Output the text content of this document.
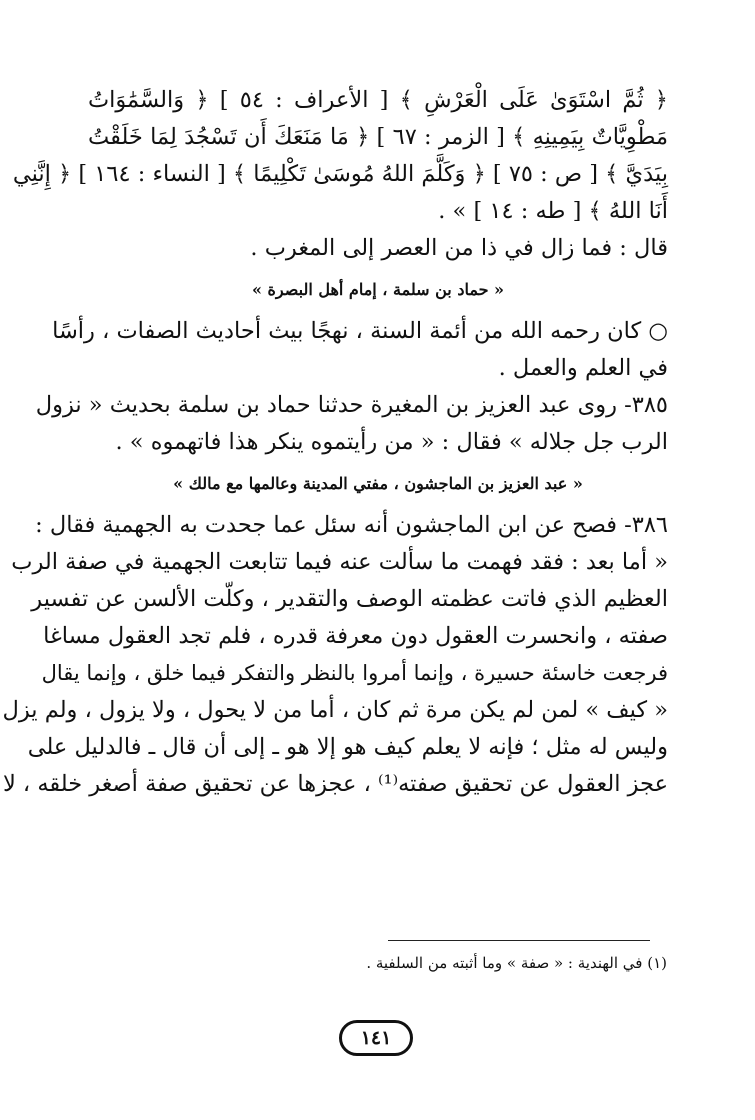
﴿ ثُمَّ اسْتَوَىٰ عَلَى الْعَرْشِ ﴾ [ الأعراف : ٥٤ ] ﴿ وَالسَّمَٰوَاتُ
مَطْوِيَّاتٌ بِيَمِينِهِ ﴾ [ الزمر : ٦٧ ] ﴿ مَا مَنَعَكَ أَن تَسْجُدَ لِمَا خَلَقْتُ
بِيَدَيَّ ﴾ [ ص : ٧٥ ] ﴿ وَكَلَّمَ اللهُ مُوسَىٰ تَكْلِيمًا ﴾ [ النساء : ١٦٤ ] ﴿ إِنَّنِي
أَنَا اللهُ ﴾ [ طه : ١٤ ] » .
قال : فما زال في ذا من العصر إلى المغرب .
« حماد بن سلمة ، إمام أهل البصرة »
○ كان رحمه الله من أئمة السنة ، نهجًا بيث أحاديث الصفات ، رأسًا
في العلم والعمل .
٣٨٥- روى عبد العزيز بن المغيرة حدثنا حماد بن سلمة بحديث « نزول
الرب جل جلاله » فقال : « من رأيتموه ينكر هذا فاتهموه » .
« عبد العزيز بن الماجشون ، مفتي المدينة وعالمها مع مالك »
٣٨٦- فصح عن ابن الماجشون أنه سئل عما جحدت به الجهمية فقال :
« أما بعد : فقد فهمت ما سألت عنه فيما تتابعت الجهمية في صفة الرب
العظيم الذي فاتت عظمته الوصف والتقدير ، وكلّت الألسن عن تفسير
صفته ، وانحسرت العقول دون معرفة قدره ، فلم تجد العقول مساغا
فرجعت خاسئة حسيرة ، وإنما أمروا بالنظر والتفكر فيما خلق ، وإنما يقال
« كيف » لمن لم يكن مرة ثم كان ، أما من لا يحول ، ولا يزول ، ولم يزل
وليس له مثل ؛ فإنه لا يعلم كيف هو إلا هو ـ إلى أن قال ـ فالدليل على
عجز العقول عن تحقيق صفته⁽¹⁾ ، عجزها عن تحقيق صفة أصغر خلقه ، لا
(١) في الهندية : « صفة » وما أثبته من السلفية .
١٤١
